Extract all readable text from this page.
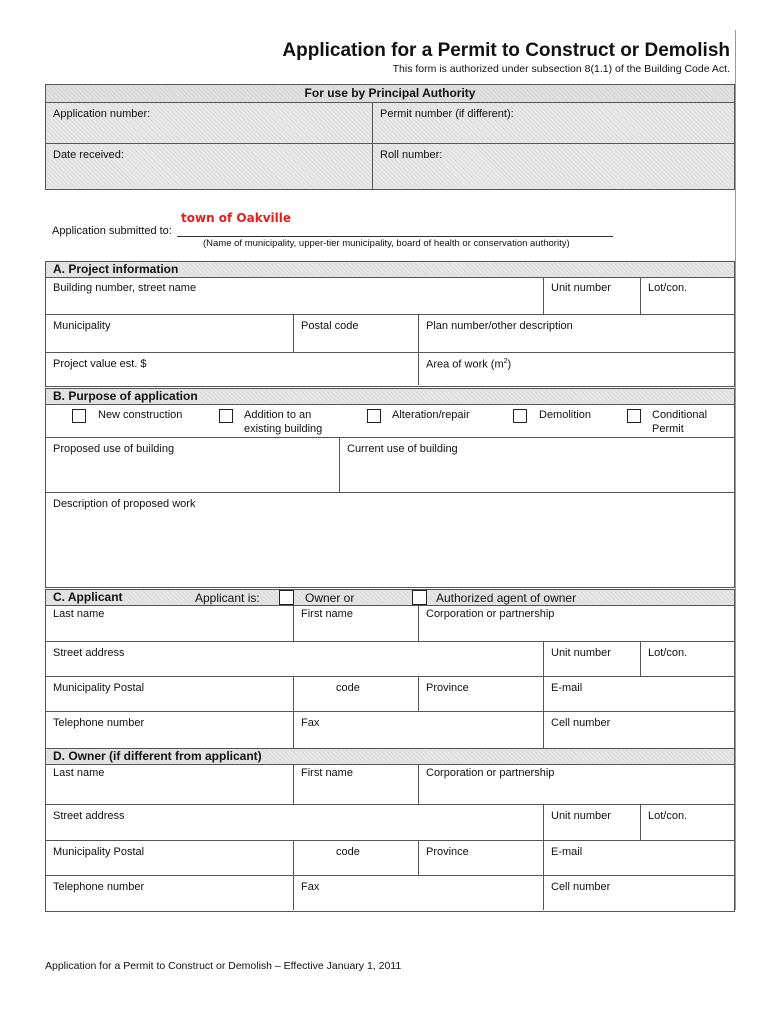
Application for a Permit to Construct or Demolish
This form is authorized under subsection 8(1.1) of the Building Code Act.
For use by Principal Authority
Application number:	Permit number (if different):
Date received:	Roll number:
town of Oakville
Application submitted to:
(Name of municipality, upper-tier municipality, board of health or conservation authority)
A. Project information
Building number, street name	Unit number	Lot/con.
Municipality	Postal code	Plan number/other description
Project value est. $	Area of work $(m^2)$
B. Purpose of application
New construction	Addition to an
existing building
Alteration/repair	Demolition	Conditional
Permit
Proposed use of building	Current use of building
Description of proposed work
C. Applicant	Applicant is:	Owner or	Authorized agent of owner
Last name	First name	Corporation or partnership
Street address	Unit number	Lot/con.
Municipality Postal	code	Province	E-mail
Telephone number	Fax	Cell number
D. Owner (if different from applicant)
Last name	First name	Corporation or partnership
Street address	Unit number	Lot/con.
Municipality Postal	code	Province	E-mail
Telephone number	Fax	Cell number
Application for a Permit to Construct or Demolish – Effective January 1, 2011
